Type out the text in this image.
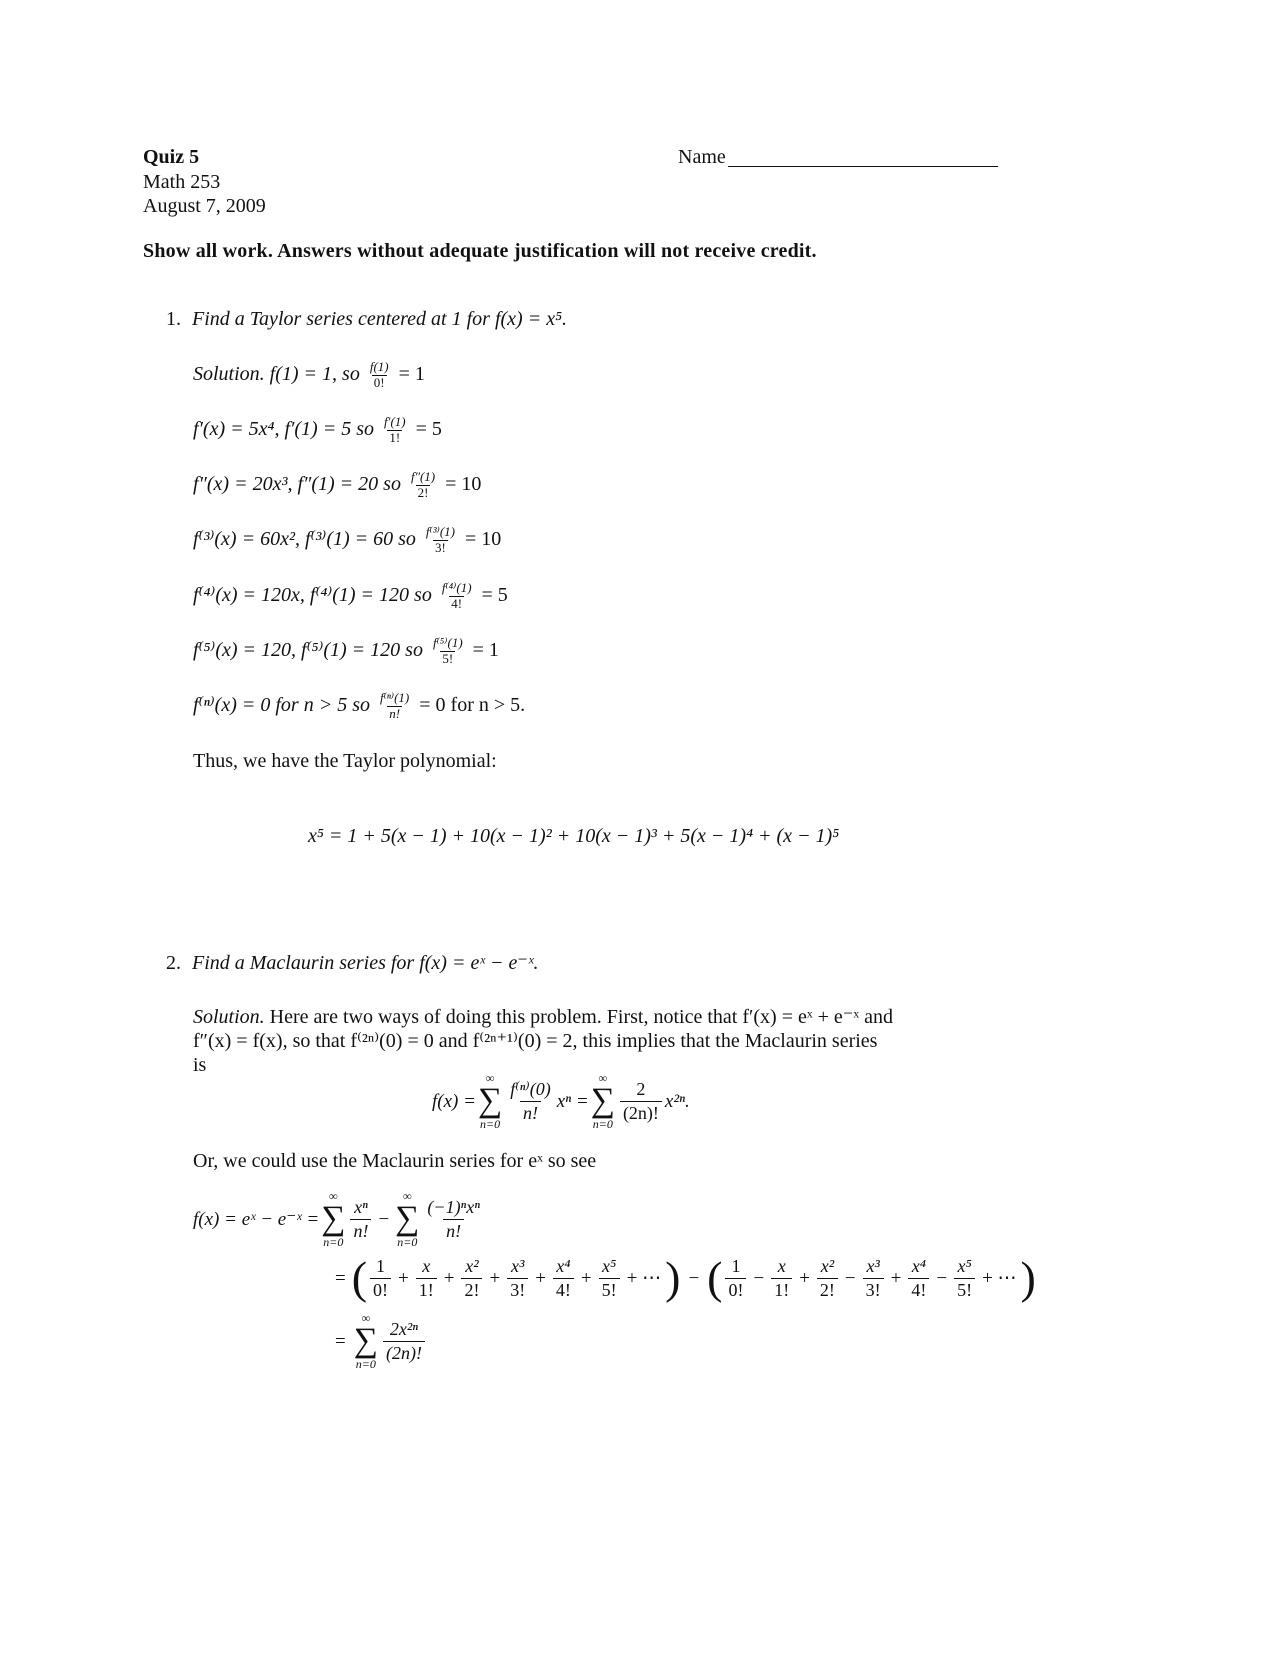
Quiz 5
Math 253
August 7, 2009
Name
Show all work. Answers without adequate justification will not receive credit.
1. Find a Taylor series centered at 1 for f(x) = x⁵.
Solution. f(1) = 1, so $\frac{f(1)}{0!} = 1$
f′(x) = 5x⁴, f′(1) = 5 so $\frac{f'(1)}{1!} = 5$
f″(x) = 20x³, f″(1) = 20 so $\frac{f''(1)}{2!} = 10$
f⁽³⁾(x) = 60x², f⁽³⁾(1) = 60 so $\frac{\text{f⁽³⁾(1)}}{3!} = 10$
f⁽⁴⁾(x) = 120x, f⁽⁴⁾(1) = 120 so $\frac{\text{f⁽⁴⁾(1)}}{4!} = 5$
f⁽⁵⁾(x) = 120, f⁽⁵⁾(1) = 120 so $\frac{\text{f⁽⁵⁾(1)}}{5!} = 1$
f⁽ⁿ⁾(x) = 0 for n > 5 so $\frac{\text{f⁽ⁿ⁾(1)}}{n!} = 0$ for n > 5.
Thus, we have the Taylor polynomial:
x⁵ = 1 + 5(x − 1) + 10(x − 1)² + 10(x − 1)³ + 5(x − 1)⁴ + (x − 1)⁵
2. Find a Maclaurin series for f(x) = eˣ − e⁻ˣ.
Solution. Here are two ways of doing this problem. First, notice that f′(x) = eˣ + e⁻ˣ and
f″(x) = f(x), so that f⁽²ⁿ⁾(0) = 0 and f⁽²ⁿ⁺¹⁾(0) = 2, this implies that the Maclaurin series
is
f(x) =
∞
∑
$n=0 \frac{\text{f⁽ⁿ⁾(0)}}{n!}$ xⁿ =
∞
∑
$n=0 \frac{2}{(2n)!} x^{2n}$.
Or, we could use the Maclaurin series for eˣ so see
f(x) = eˣ − e⁻ˣ =
∞
∑
$n=0 \frac{\text{xⁿ}}{n!}$ −
∞
∑
$n=0 \frac{\text{(−1)ⁿxⁿ}}{n!}$
= ( $\frac{1}{0!} + \frac{x}{1!} + \frac{\text{x²}}{2!} + \frac{\text{x³}}{3!} + \frac{\text{x⁴}}{4!} + \frac{\text{x⁵}}{5!}$ + ⋯ ) − ( $\frac{1}{0!} - \frac{x}{1!} + \frac{\text{x²}}{2!} - \frac{\text{x³}}{3!} + \frac{\text{x⁴}}{4!} - \frac{\text{x⁵}}{5!}$ + ⋯ )
=
∞
∑
$n=0 \frac{\text{2x²ⁿ}}{(2n)!}$
